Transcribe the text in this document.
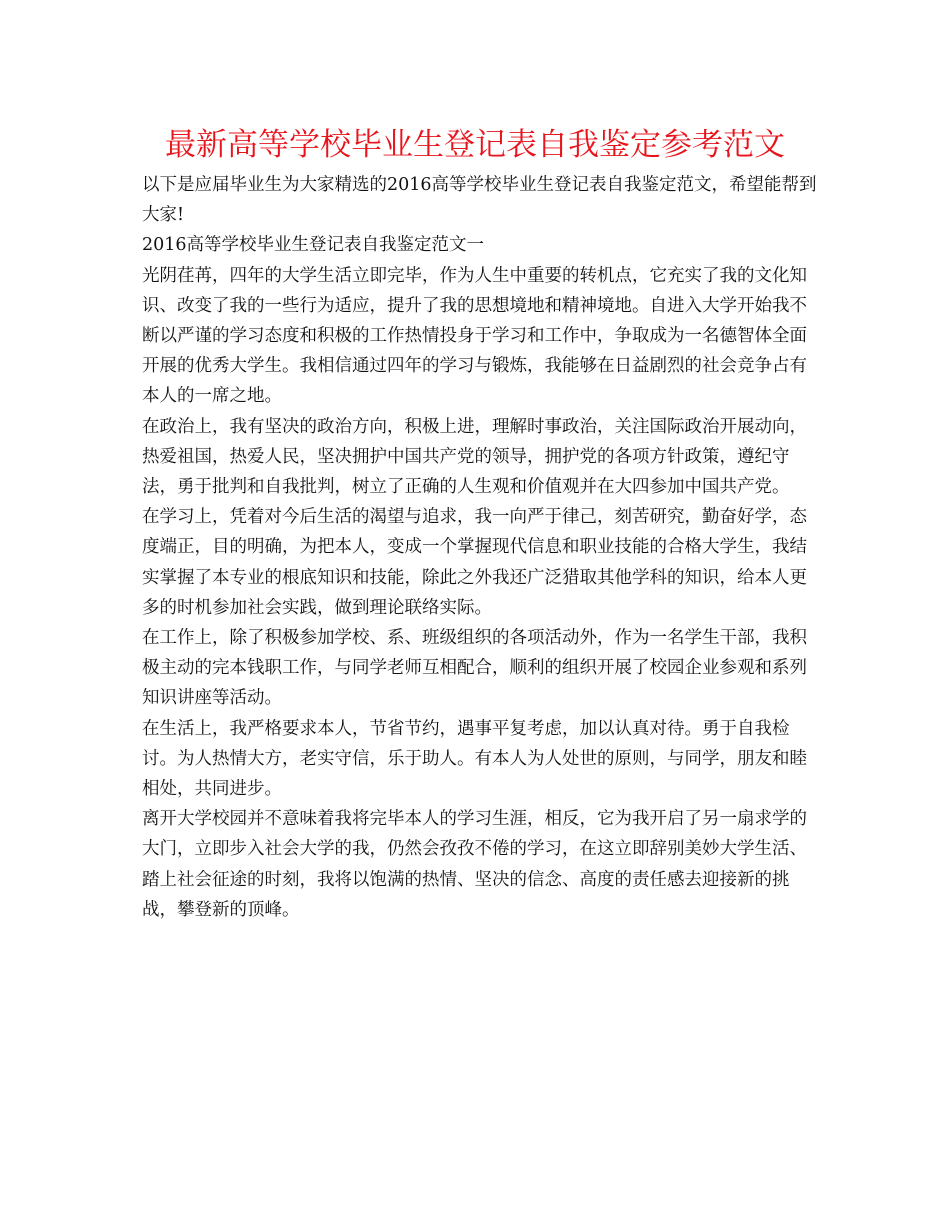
最新高等学校毕业生登记表自我鉴定参考范文

以下是应届毕业生为大家精选的2016高等学校毕业生登记表自我鉴定范文，希望能帮到大家!

2016高等学校毕业生登记表自我鉴定范文一

光阴荏苒，四年的大学生活立即完毕，作为人生中重要的转机点，它充实了我的文化知识、改变了我的一些行为适应，提升了我的思想境地和精神境地。自进入大学开始我不断以严谨的学习态度和积极的工作热情投身于学习和工作中，争取成为一名德智体全面开展的优秀大学生。我相信通过四年的学习与锻炼，我能够在日益剧烈的社会竞争占有本人的一席之地。

在政治上，我有坚决的政治方向，积极上进，理解时事政治，关注国际政治开展动向，热爱祖国，热爱人民，坚决拥护中国共产党的领导，拥护党的各项方针政策，遵纪守法，勇于批判和自我批判，树立了正确的人生观和价值观并在大四参加中国共产党。

在学习上，凭着对今后生活的渴望与追求，我一向严于律己，刻苦研究，勤奋好学，态度端正，目的明确，为把本人，变成一个掌握现代信息和职业技能的合格大学生，我结实掌握了本专业的根底知识和技能，除此之外我还广泛猎取其他学科的知识，给本人更多的时机参加社会实践，做到理论联络实际。

在工作上，除了积极参加学校、系、班级组织的各项活动外，作为一名学生干部，我积极主动的完本钱职工作，与同学老师互相配合，顺利的组织开展了校园企业参观和系列知识讲座等活动。

在生活上，我严格要求本人，节省节约，遇事平复考虑，加以认真对待。勇于自我检讨。为人热情大方，老实守信，乐于助人。有本人为人处世的原则，与同学，朋友和睦相处，共同进步。

离开大学校园并不意味着我将完毕本人的学习生涯，相反，它为我开启了另一扇求学的大门，立即步入社会大学的我，仍然会孜孜不倦的学习，在这立即辞别美妙大学生活、踏上社会征途的时刻，我将以饱满的热情、坚决的信念、高度的责任感去迎接新的挑战，攀登新的顶峰。
